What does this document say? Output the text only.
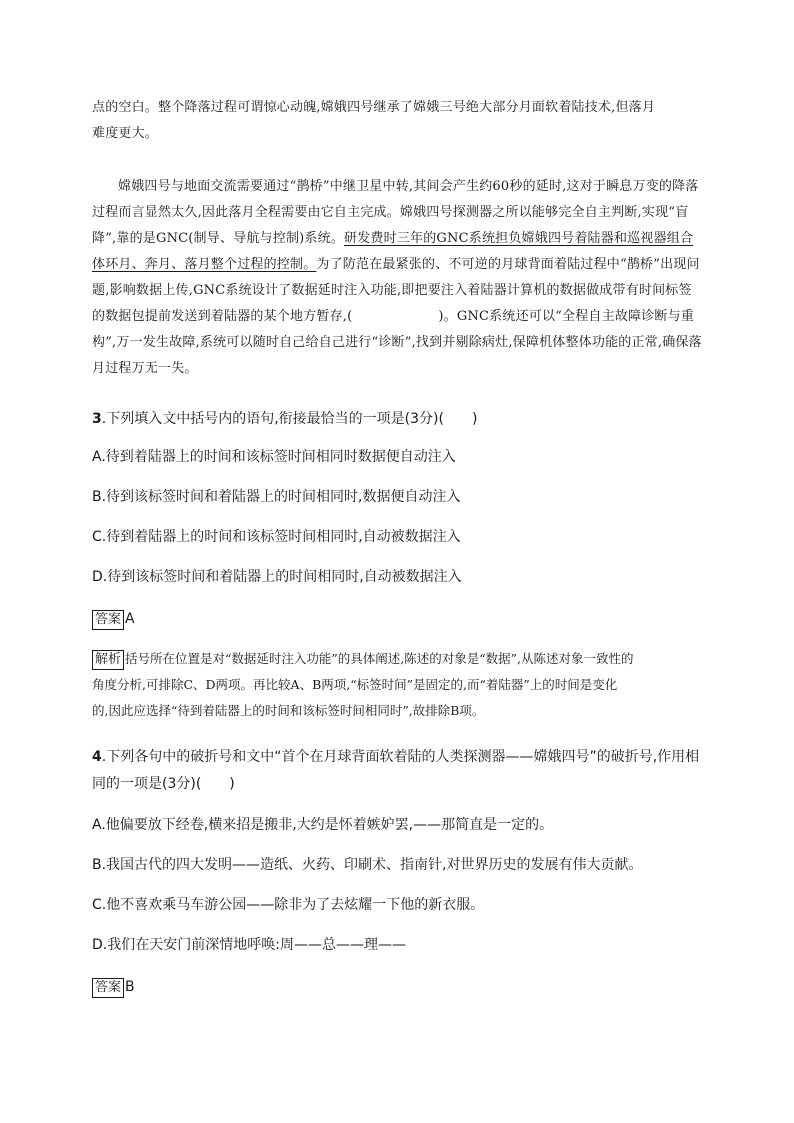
点的空白。整个降落过程可谓惊心动魄,嫦娥四号继承了嫦娥三号绝大部分月面软着陆技术,但落月

难度更大。

嫦娥四号与地面交流需要通过“鹊桥”中继卫星中转,其间会产生约60秒的延时,这对于瞬息万变的降落过程而言显然太久,因此落月全程需要由它自主完成。嫦娥四号探测器之所以能够完全自主判断,实现“盲降”,靠的是GNC(制导、导航与控制)系统。研发费时三年的GNC系统担负嫦娥四号着陆器和巡视器组合体环月、奔月、落月整个过程的控制。为了防范在最紧张的、不可逆的月球背面着陆过程中“鹊桥”出现问题,影响数据上传,GNC系统设计了数据延时注入功能,即把要注入着陆器计算机的数据做成带有时间标签的数据包提前发送到着陆器的某个地方暂存,(	)。GNC系统还可以“全程自主故障诊断与重构”,万一发生故障,系统可以随时自己给自己进行“诊断”,找到并剔除病灶,保障机体整体功能的正常,确保落月过程万无一失。

3.下列填入文中括号内的语句,衔接最恰当的一项是(3分)(　　)
A.待到着陆器上的时间和该标签时间相同时数据便自动注入
B.待到该标签时间和着陆器上的时间相同时,数据便自动注入
C.待到着陆器上的时间和该标签时间相同时,自动被数据注入
D.待到该标签时间和着陆器上的时间相同时,自动被数据注入
答案 A
解析 括号所在位置是对“数据延时注入功能”的具体阐述,陈述的对象是“数据”,从陈述对象一致性的
角度分析,可排除C、D两项。再比较A、B两项,“标签时间”是固定的,而“着陆器”上的时间是变化
的,因此应选择“待到着陆器上的时间和该标签时间相同时”,故排除B项。
4.下列各句中的破折号和文中“首个在月球背面软着陆的人类探测器——嫦娥四号”的破折号,作用相
同的一项是(3分)(　　)
A.他偏要放下经卷,横来招是搬非,大约是怀着嫉妒罢,——那简直是一定的。
B.我国古代的四大发明——造纸、火药、印刷术、指南针,对世界历史的发展有伟大贡献。
C.他不喜欢乘马车游公园——除非为了去炫耀一下他的新衣服。
D.我们在天安门前深情地呼唤:周——总——理——
答案 B
